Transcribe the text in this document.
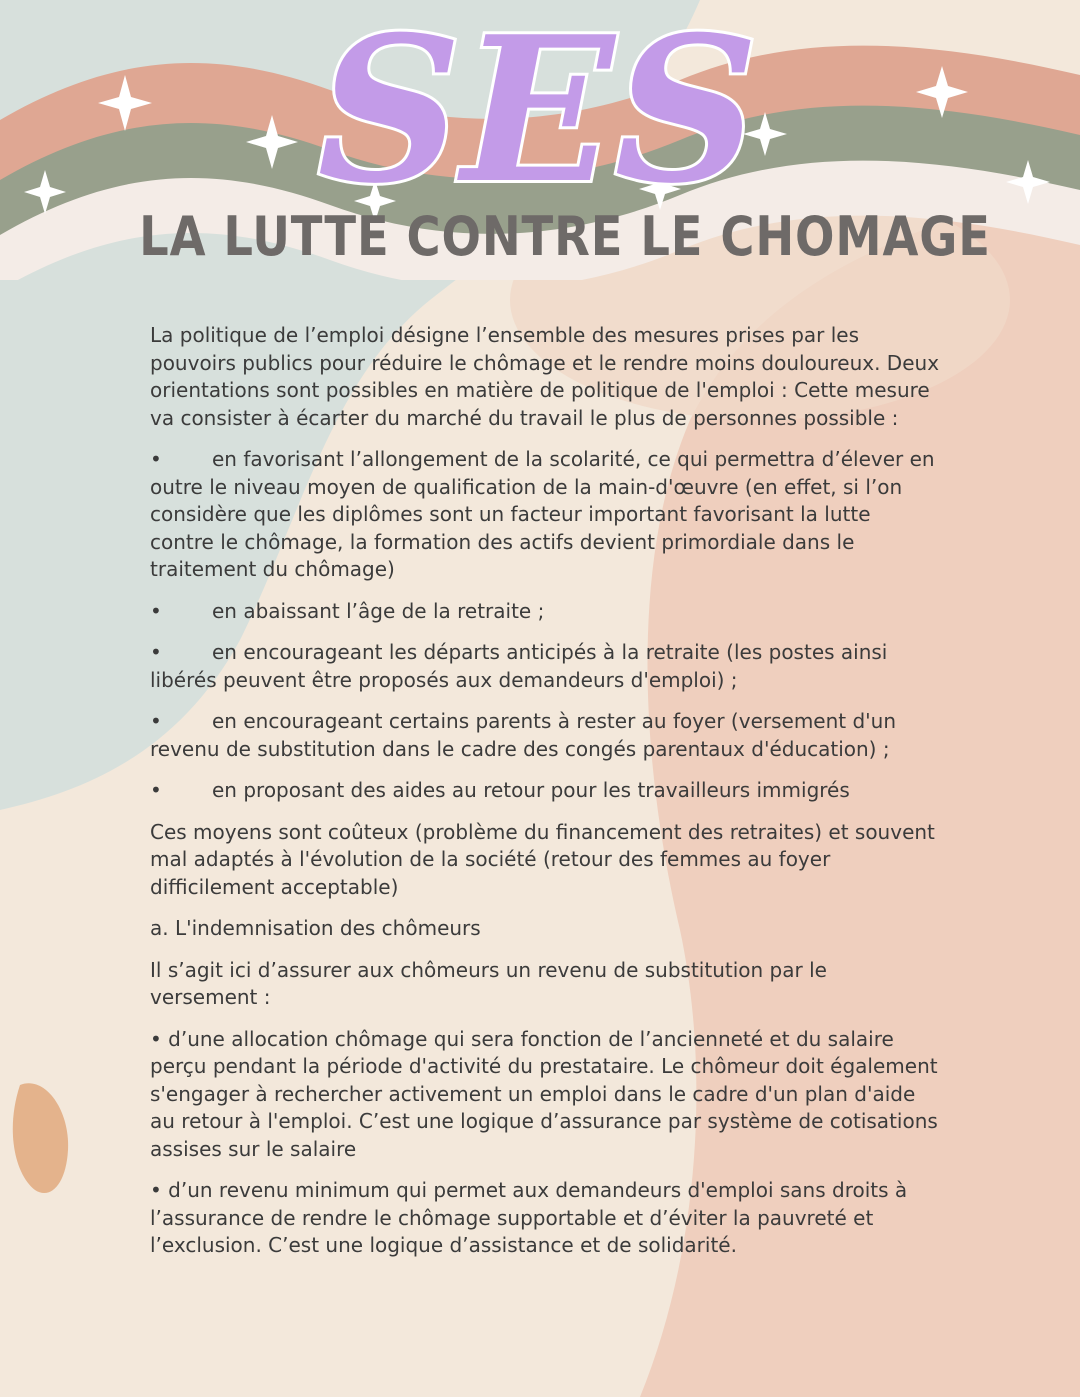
SES
LA LUTTE CONTRE LE CHOMAGE

La politique de l’emploi désigne l’ensemble des mesures prises par les pouvoirs publics pour réduire le chômage et le rendre moins douloureux. Deux orientations sont possibles en matière de politique de l'emploi : Cette mesure va consister à écarter du marché du travail le plus de personnes possible :

•	en favorisant l’allongement de la scolarité, ce qui permettra d’élever en outre le niveau moyen de qualification de la main-d'œuvre (en effet, si l’on considère que les diplômes sont un facteur important favorisant la lutte contre le chômage, la formation des actifs devient primordiale dans le traitement du chômage)
•	en abaissant l’âge de la retraite ;
•	en encourageant les départs anticipés à la retraite (les postes ainsi libérés peuvent être proposés aux demandeurs d'emploi) ;
•	en encourageant certains parents à rester au foyer (versement d'un revenu de substitution dans le cadre des congés parentaux d'éducation) ;
•	en proposant des aides au retour pour les travailleurs immigrés

Ces moyens sont coûteux (problème du financement des retraites) et souvent mal adaptés à l'évolution de la société (retour des femmes au foyer difficilement acceptable)

a. L'indemnisation des chômeurs

Il s’agit ici d’assurer aux chômeurs un revenu de substitution par le versement :

• d’une allocation chômage qui sera fonction de l’ancienneté et du salaire perçu pendant la période d'activité du prestataire. Le chômeur doit également s'engager à rechercher activement un emploi dans le cadre d'un plan d'aide au retour à l'emploi. C’est une logique d’assurance par système de cotisations assises sur le salaire

• d’un revenu minimum qui permet aux demandeurs d'emploi sans droits à l’assurance de rendre le chômage supportable et d’éviter la pauvreté et l’exclusion. C’est une logique d’assistance et de solidarité.
